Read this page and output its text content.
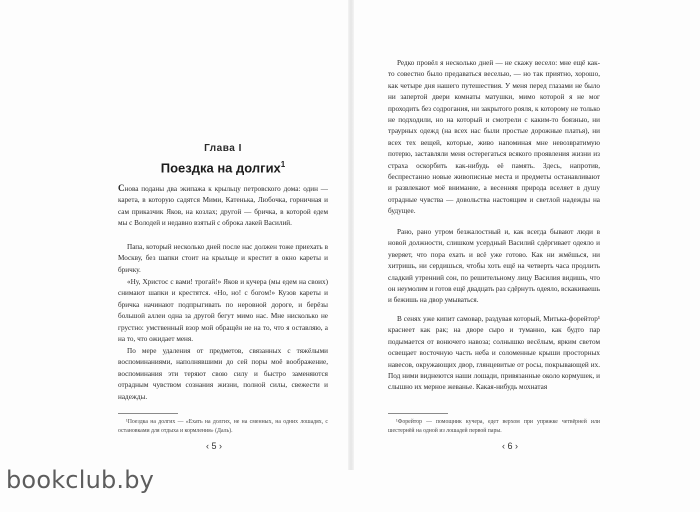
Глава I
Поездка на долгих$^1$

Снова поданы два экипажа к крыльцу петровского дома: один — карета, в которую садятся Мими, Катенька, Любочка, горничная и сам приказчик Яков, на козлах; другой — бричка, в которой едем мы с Володей и недавно взятый с оброка лакей Василий.

Папа, который несколько дней после нас должен тоже приехать в Москву, без шапки стоит на крыльце и крестит в окно кареты и бричку.

«Ну, Христос с вами! трогай!» Яков и кучера (мы едем на своих) снимают шапки и крестятся. «Но, но! с богом!» Кузов кареты и бричка начинают подпрыгивать по неровной дороге, и берёзы большой аллеи одна за другой бегут мимо нас. Мне нисколько не грустно: умственный взор мой обращён не на то, что я оставляю, а на то, что ожидает меня.

По мере удаления от предметов, связанных с тяжёлыми воспоминаниями, наполнявшими до сей поры моё воображение, воспоминания эти теряют свою силу и быстро заменяются отрадным чувством сознания жизни, полной силы, свежести и надежды.

¹Поездка на долгих — «Ехать на долгих, не на сменных, на одних лошадях, с остановками для отдыха и кормления» (Даль).

‹ 5 ›

Редко провёл я несколько дней — не скажу весело: мне ещё как-то совестно было предаваться веселью, — но так приятно, хорошо, как четыре дня нашего путешествия. У меня перед глазами не было ни запертой двери комнаты матушки, мимо которой я не мог проходить без содрогания, ни закрытого рояля, к которому не только не подходили, но на который и смотрели с каким-то боязнью, ни траурных одежд (на всех нас были простые дорожные платья), ни всех тех вещей, которые, живо напоминая мне невозвратимую потерю, заставляли меня остерегаться всякого проявления жизни из страха оскорбить как-нибудь её память. Здесь, напротив, беспрестанно новые живописные места и предметы останавливают и развлекают моё внимание, а весенняя природа вселяет в душу отрадные чувства — довольства настоящим и светлой надежды на будущее.

Рано, рано утром безжалостный и, как всегда бывают люди в новой должности, слишком усердный Василий сдёргивает одеяло и уверяет, что пора ехать и всё уже готово. Как ни жмёшься, ни хитришь, ни сердишься, чтобы хоть ещё на четверть часа продлить сладкий утренний сон, по решительному лицу Василия видишь, что он неумолим и готов ещё двадцать раз сдёрнуть одеяло, вскакиваешь и бежишь на двор умываться.

В сенях уже кипит самовар, раздувая который, Митька-форейтор¹ краснеет как рак; на дворе сыро и туманно, как будто пар подымается от вонючего навоза; солнышко весёлым, ярким светом освещает восточную часть неба и соломенные крыши просторных навесов, окружающих двор, глянцевитые от росы, покрывающей их. Под ними виднеются наши лошади, привязанные около кормушек, и слышно их мерное жеванье. Какая-нибудь мохнатая

¹Форейтор — помощник кучера, едет верхом при упряжке четвёрней или шестернёй на одной из лошадей первой пары.

‹ 6 ›
bookclub.by
